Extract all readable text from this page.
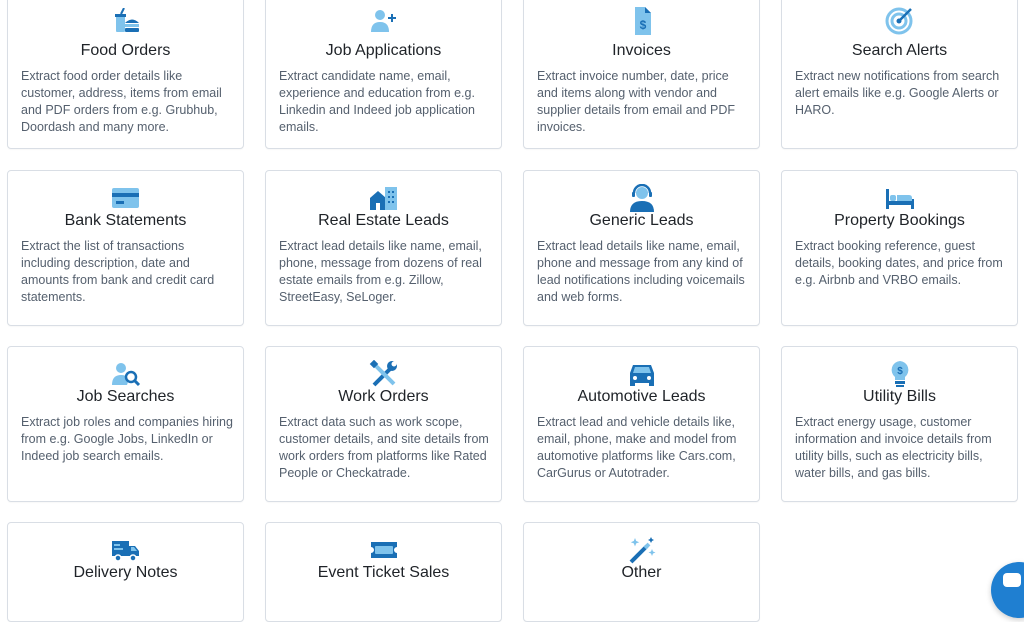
Food Orders
Extract food order details like customer, address, items from email and PDF orders from e.g. Grubhub, Doordash and many more.
Job Applications
Extract candidate name, email, experience and education from e.g. Linkedin and Indeed job application emails.
$
Invoices
Extract invoice number, date, price and items along with vendor and supplier details from email and PDF invoices.
Search Alerts
Extract new notifications from search alert emails like e.g. Google Alerts or HARO.
Bank Statements
Extract the list of transactions including description, date and amounts from bank and credit card statements.
Real Estate Leads
Extract lead details like name, email, phone, message from dozens of real estate emails from e.g. Zillow, StreetEasy, SeLoger.
Generic Leads
Extract lead details like name, email, phone and message from any kind of lead notifications including voicemails and web forms.
Property Bookings
Extract booking reference, guest details, booking dates, and price from e.g. Airbnb and VRBO emails.
Job Searches
Extract job roles and companies hiring from e.g. Google Jobs, LinkedIn or Indeed job search emails.
Work Orders
Extract data such as work scope, customer details, and site details from work orders from platforms like Rated People or Checkatrade.
Automotive Leads
Extract lead and vehicle details like, email, phone, make and model from automotive platforms like Cars.com, CarGurus or Autotrader.
$
Utility Bills
Extract energy usage, customer information and invoice details from utility bills, such as electricity bills, water bills, and gas bills.
Delivery Notes	Event Ticket Sales	Other
